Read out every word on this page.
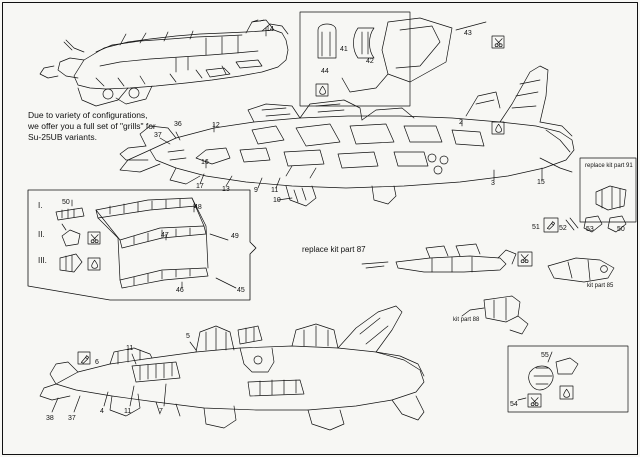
Due to variety of configurations, we offer you a full set of "grills" for Su-25UB variants.
14
12
36
37
16
17	13	9 11
10
2
3	15
41
42
44
43
replace kit part 91
51	52	53	50
50
48
47	49
46	45
I.
II.
III.
replace kit part 87
kit part 85
kit part 88
38 37
4	11
11
7
5
6
55
54
